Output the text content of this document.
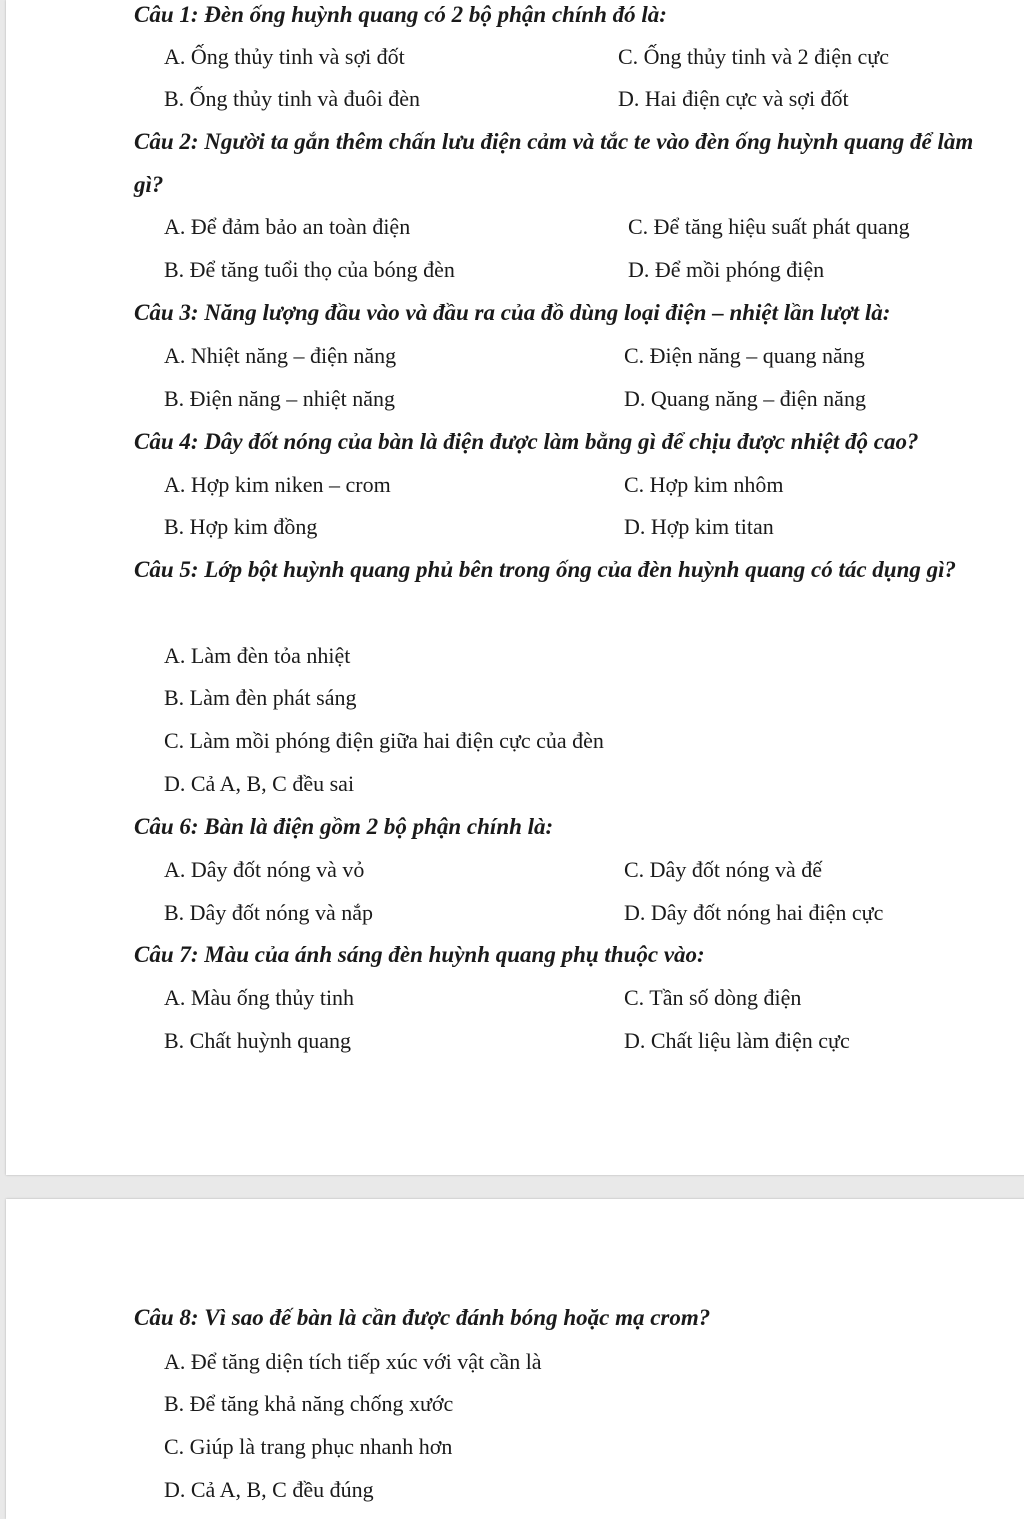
Câu 1: Đèn ống huỳnh quang có 2 bộ phận chính đó là:
A. Ống thủy tinh và sợi đốt	C. Ống thủy tinh và 2 điện cực
B. Ống thủy tinh và đuôi đèn	D. Hai điện cực và sợi đốt
Câu 2: Người ta gắn thêm chấn lưu điện cảm và tắc te vào đèn ống huỳnh quang để làm gì?
A. Để đảm bảo an toàn điện	C. Để tăng hiệu suất phát quang
B. Để tăng tuổi thọ của bóng đèn	D. Để mồi phóng điện
Câu 3: Năng lượng đầu vào và đầu ra của đồ dùng loại điện – nhiệt lần lượt là:
A. Nhiệt năng – điện năng	C. Điện năng – quang năng
B. Điện năng – nhiệt năng	D. Quang năng – điện năng
Câu 4: Dây đốt nóng của bàn là điện được làm bằng gì để chịu được nhiệt độ cao?
A. Hợp kim niken – crom	C. Hợp kim nhôm
B. Hợp kim đồng	D. Hợp kim titan
Câu 5: Lớp bột huỳnh quang phủ bên trong ống của đèn huỳnh quang có tác dụng gì?
A. Làm đèn tỏa nhiệt
B. Làm đèn phát sáng
C. Làm mồi phóng điện giữa hai điện cực của đèn
D. Cả A, B, C đều sai
Câu 6: Bàn là điện gồm 2 bộ phận chính là:
A. Dây đốt nóng và vỏ	C. Dây đốt nóng và đế
B. Dây đốt nóng và nắp	D. Dây đốt nóng hai điện cực
Câu 7: Màu của ánh sáng đèn huỳnh quang phụ thuộc vào:
A. Màu ống thủy tinh	C. Tần số dòng điện
B. Chất huỳnh quang	D. Chất liệu làm điện cực
Câu 8: Vì sao đế bàn là cần được đánh bóng hoặc mạ crom?
A. Để tăng diện tích tiếp xúc với vật cần là
B. Để tăng khả năng chống xước
C. Giúp là trang phục nhanh hơn
D. Cả A, B, C đều đúng
